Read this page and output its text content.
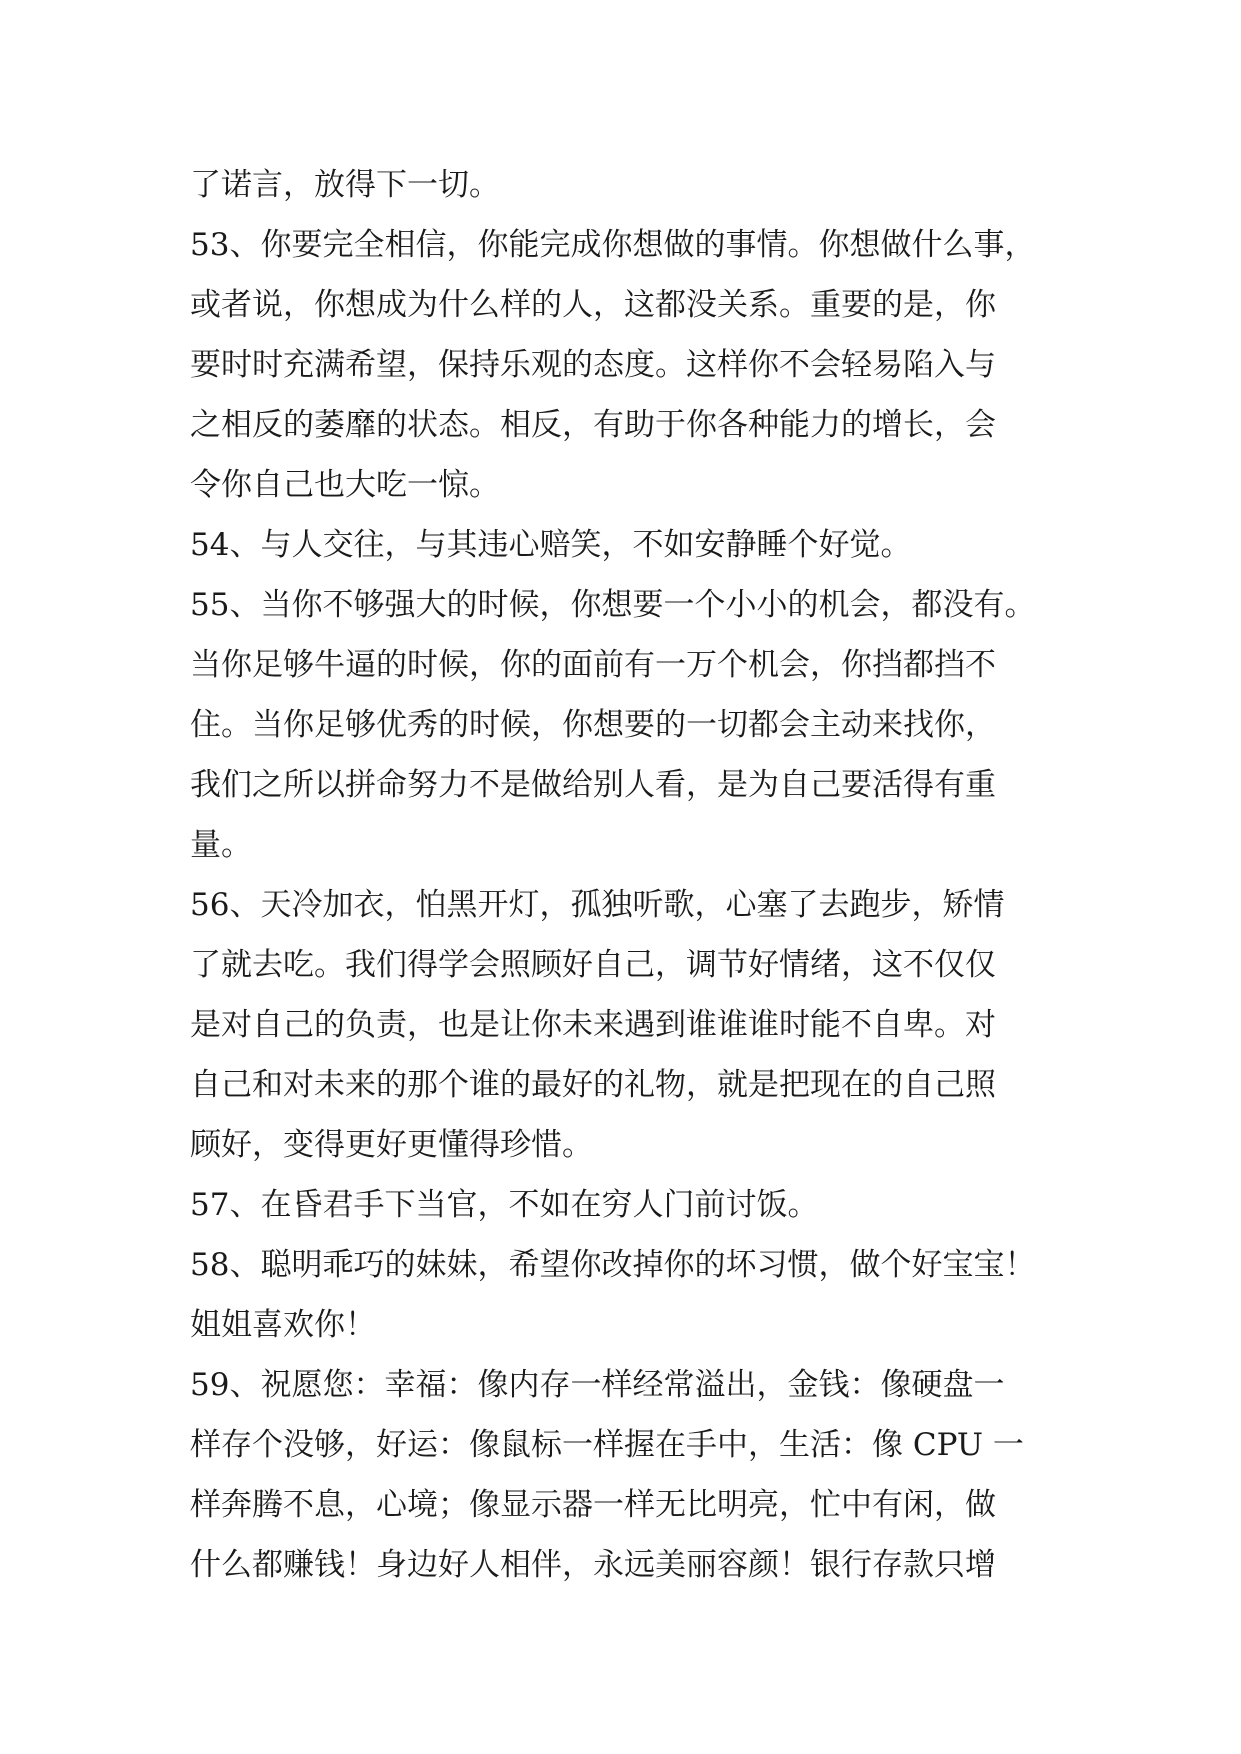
了诺言，放得下一切。
53、你要完全相信，你能完成你想做的事情。你想做什么事，
或者说，你想成为什么样的人，这都没关系。重要的是，你
要时时充满希望，保持乐观的态度。这样你不会轻易陷入与
之相反的萎靡的状态。相反，有助于你各种能力的增长，会
令你自己也大吃一惊。
54、与人交往，与其违心赔笑，不如安静睡个好觉。
55、当你不够强大的时候，你想要一个小小的机会，都没有。
当你足够牛逼的时候，你的面前有一万个机会，你挡都挡不
住。当你足够优秀的时候，你想要的一切都会主动来找你，
我们之所以拼命努力不是做给别人看，是为自己要活得有重
量。
56、天冷加衣，怕黑开灯，孤独听歌，心塞了去跑步，矫情
了就去吃。我们得学会照顾好自己，调节好情绪，这不仅仅
是对自己的负责，也是让你未来遇到谁谁谁时能不自卑。对
自己和对未来的那个谁的最好的礼物，就是把现在的自己照
顾好，变得更好更懂得珍惜。
57、在昏君手下当官，不如在穷人门前讨饭。
58、聪明乖巧的妹妹，希望你改掉你的坏习惯，做个好宝宝！
姐姐喜欢你！
59、祝愿您：幸福：像内存一样经常溢出，金钱：像硬盘一
样存个没够，好运：像鼠标一样握在手中，生活：像 CPU 一
样奔腾不息，心境；像显示器一样无比明亮，忙中有闲，做
什么都赚钱！身边好人相伴，永远美丽容颜！银行存款只增
